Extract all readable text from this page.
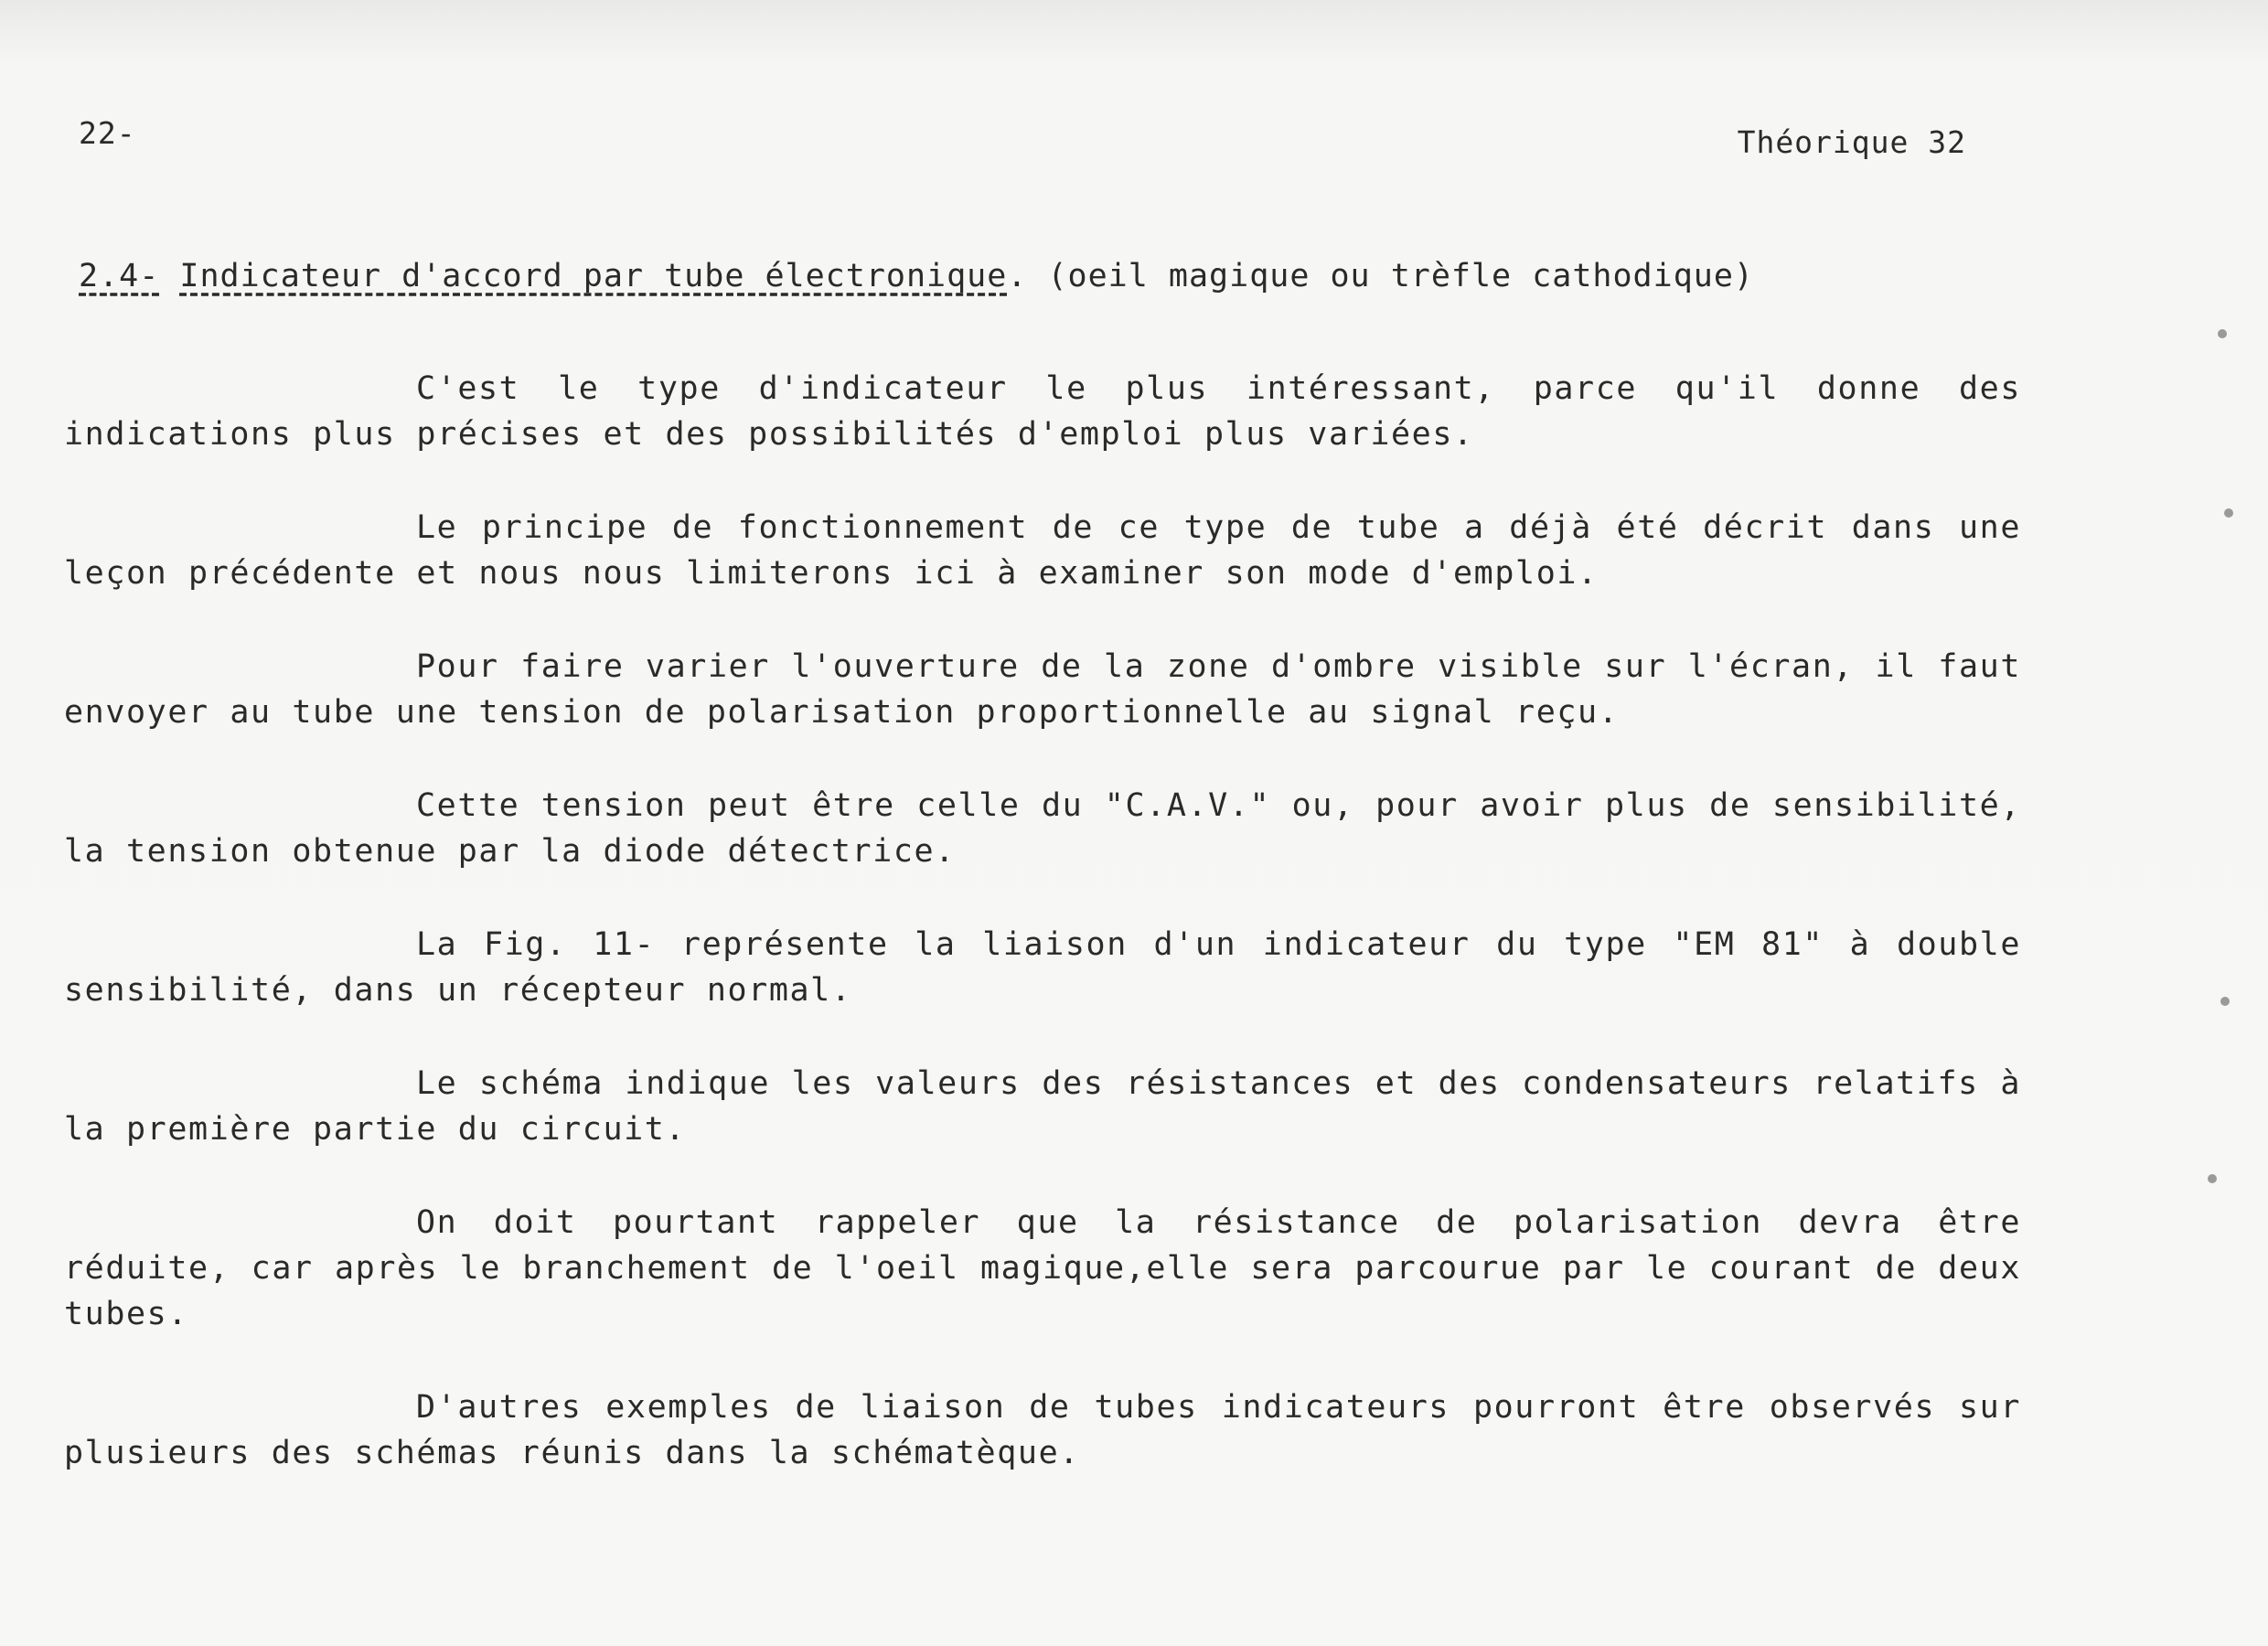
22-	Théorique 32
2.4- Indicateur d'accord par tube électronique. (oeil magique ou trèfle cathodique)

C'est le type d'indicateur le plus intéressant, parce qu'il donne des indications plus précises et des possibilités d'emploi plus variées.

Le principe de fonctionnement de ce type de tube a déjà été décrit dans une leçon précédente et nous nous limiterons ici à examiner son mode d'emploi.

Pour faire varier l'ouverture de la zone d'ombre visible sur l'écran, il faut envoyer au tube une tension de polarisation proportionnelle au signal reçu.

Cette tension peut être celle du "C.A.V." ou, pour avoir plus de sensibilité, la tension obtenue par la diode détectrice.

La Fig. 11- représente la liaison d'un indicateur du type "EM 81" à double sensibilité, dans un récepteur normal.

Le schéma indique les valeurs des résistances et des condensateurs relatifs à la première partie du circuit.

On doit pourtant rappeler que la résistance de polarisation devra être réduite, car après le branchement de l'oeil magique,elle sera parcourue par le courant de deux tubes.

D'autres exemples de liaison de tubes indicateurs pourront être observés sur plusieurs des schémas réunis dans la schématèque.
